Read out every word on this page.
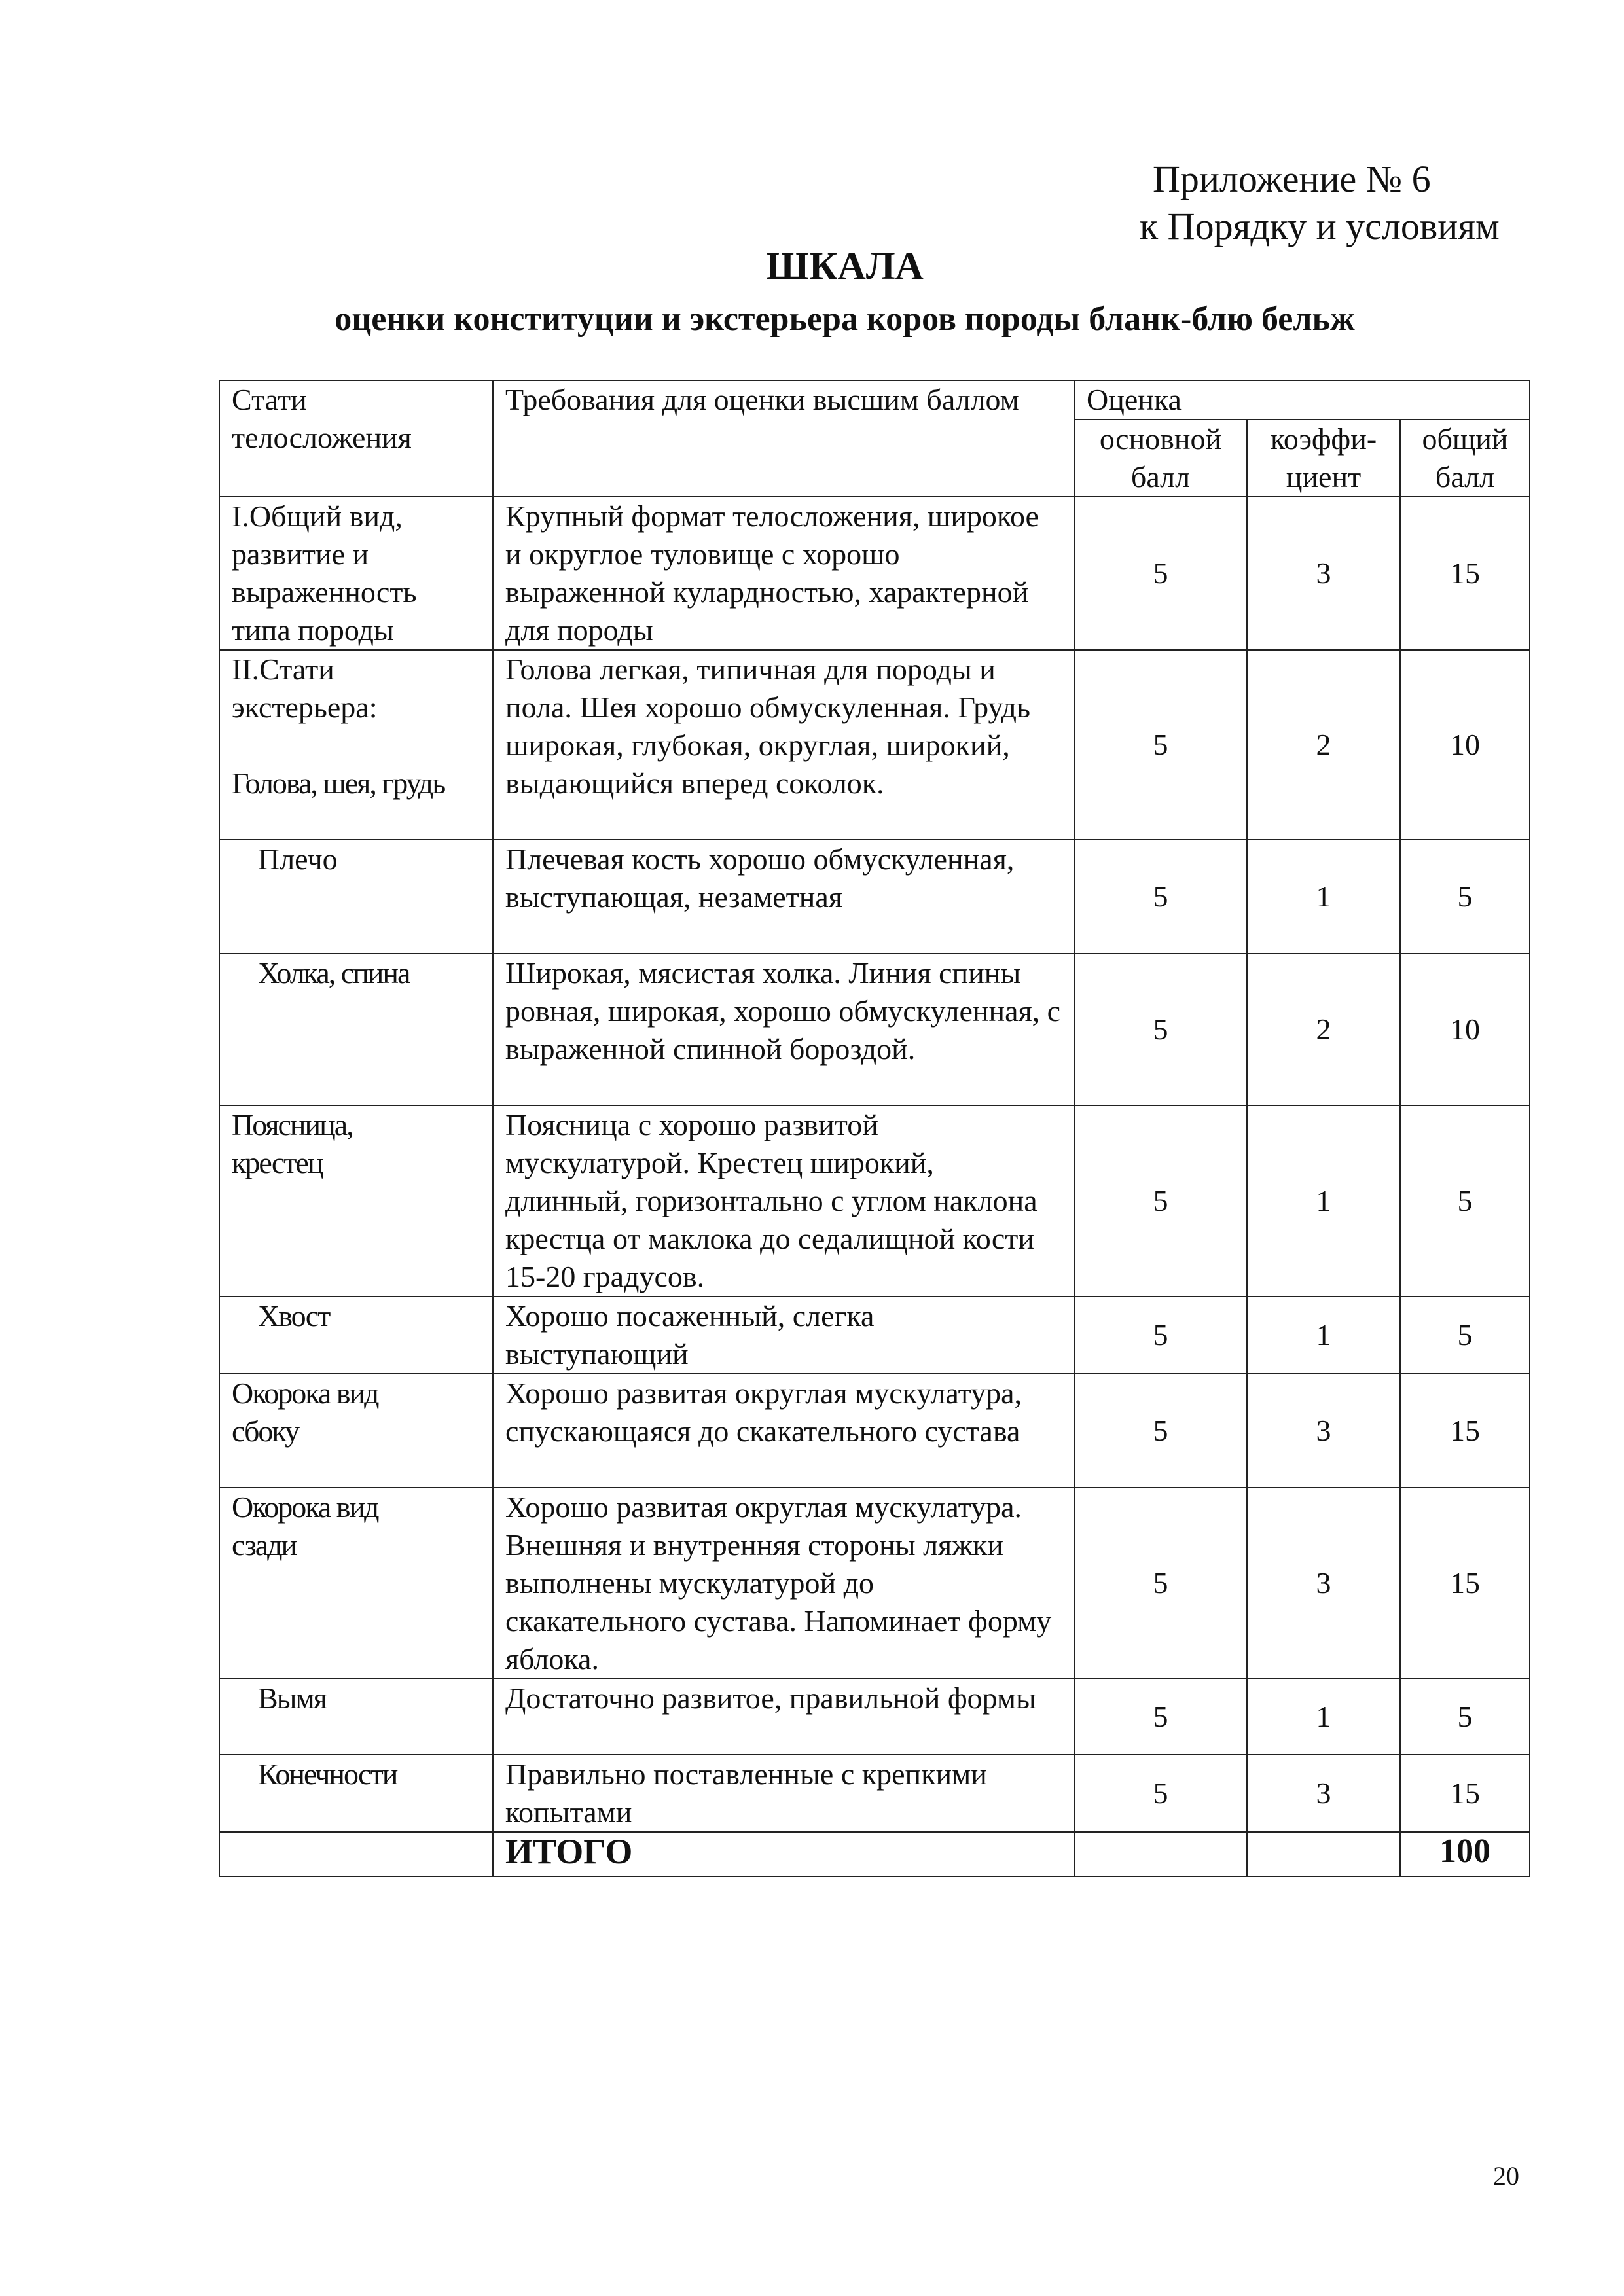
Приложение № 6
к Порядку и условиям
ШКАЛА
оценки конституции и экстерьера коров породы бланк-блю бельж
Стати телосложения	Требования для оценки высшим баллом	Оценка		
		основной балл	коэффи-циент	общий балл
I.Общий вид, развитие и выраженность типа породы	Крупный формат телосложения, широкое и округлое туловище с хорошо выраженной кулардностью, характерной для породы	5	3	15

II.Стати экстерьера:
Голова, шея, грудь	Голова легкая, типичная для породы и пола. Шея хорошо обмускуленная. Грудь широкая, глубокая, округлая, широкий, выдающийся вперед соколок.	5	2	10
Плечо	Плечевая кость хорошо обмускуленная, выступающая, незаметная	5	1	5
Холка, спина	Широкая, мясистая холка. Линия спины ровная, широкая, хорошо обмускуленная, с выраженной спинной бороздой.	5	2	10
Поясница, крестец	Поясница с хорошо развитой мускулатурой. Крестец широкий, длинный, горизонтально с углом наклона крестца от маклока до седалищной кости 15-20 градусов.	5	1	5
Хвост	Хорошо посаженный, слегка выступающий	5	1	5
Окорока вид сбоку	Хорошо развитая округлая мускулатура, спускающаяся до скакательного сустава	5	3	15
Окорока вид сзади	Хорошо развитая округлая мускулатура. Внешняя и внутренняя стороны ляжки выполнены мускулатурой до скакательного сустава. Напоминает форму яблока.	5	3	15
Вымя	Достаточно развитое, правильной формы	5	1	5
Конечности	Правильно поставленные с крепкими копытами	5	3	15
	ИТОГО			100
20
